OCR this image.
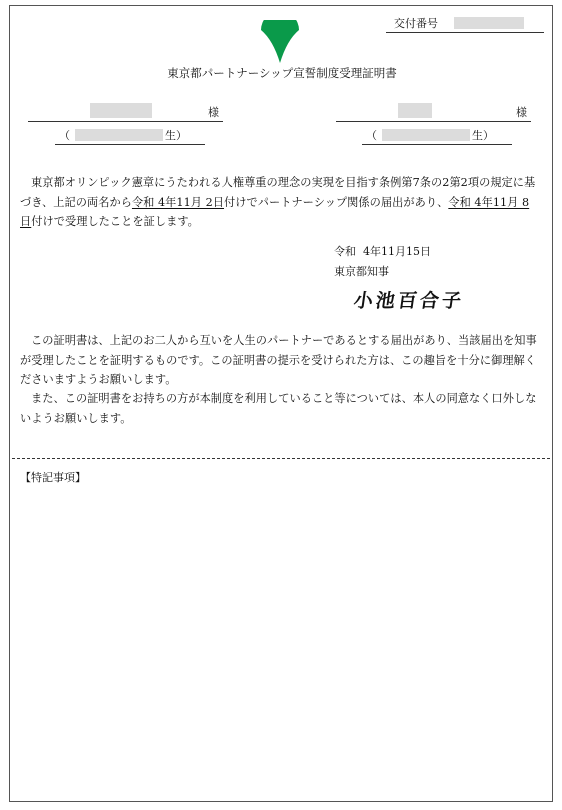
交付番号
東京都パートナーシップ宣誓制度受理証明書
様
（	生）
様
（	生）
東京都オリンピック憲章にうたわれる人権尊重の理念の実現を目指す条例第7条の2第2項の規定に基づき、上記の両名から令和 4年11月 2日付けでパートナーシップ関係の届出があり、令和 4年11月 8日付けで受理したことを証します。
令和  4年11月15日
東京都知事
小池百合子
この証明書は、上記のお二人から互いを人生のパートナーであるとする届出があり、当該届出を知事が受理したことを証明するものです。この証明書の提示を受けられた方は、この趣旨を十分に御理解くださいますようお願いします。
また、この証明書をお持ちの方が本制度を利用していること等については、本人の同意なく口外しないようお願いします。
【特記事項】
